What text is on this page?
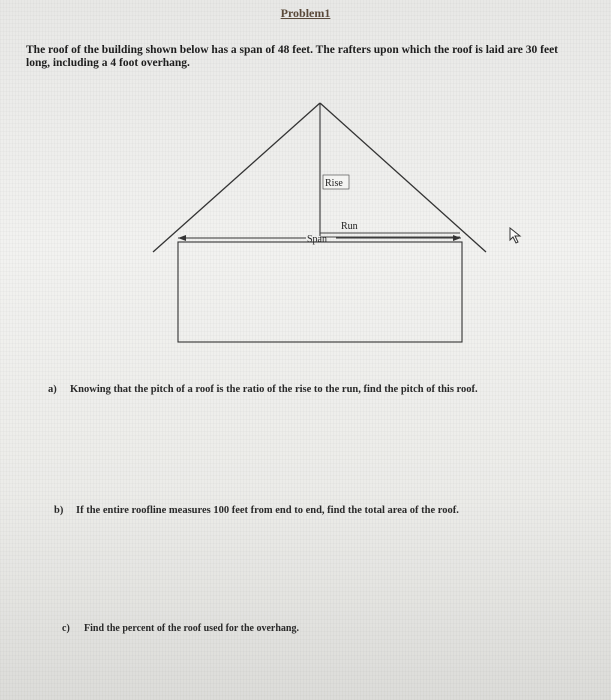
Problem1

The roof of the building shown below has a span of 48 feet. The rafters upon which the roof is laid are 30 feet long, including a 4 foot overhang.

Rise
Run
Span

a) Knowing that the pitch of a roof is the ratio of the rise to the run, find the pitch of this roof.

b) If the entire roofline measures 100 feet from end to end, find the total area of the roof.

c) Find the percent of the roof used for the overhang.
